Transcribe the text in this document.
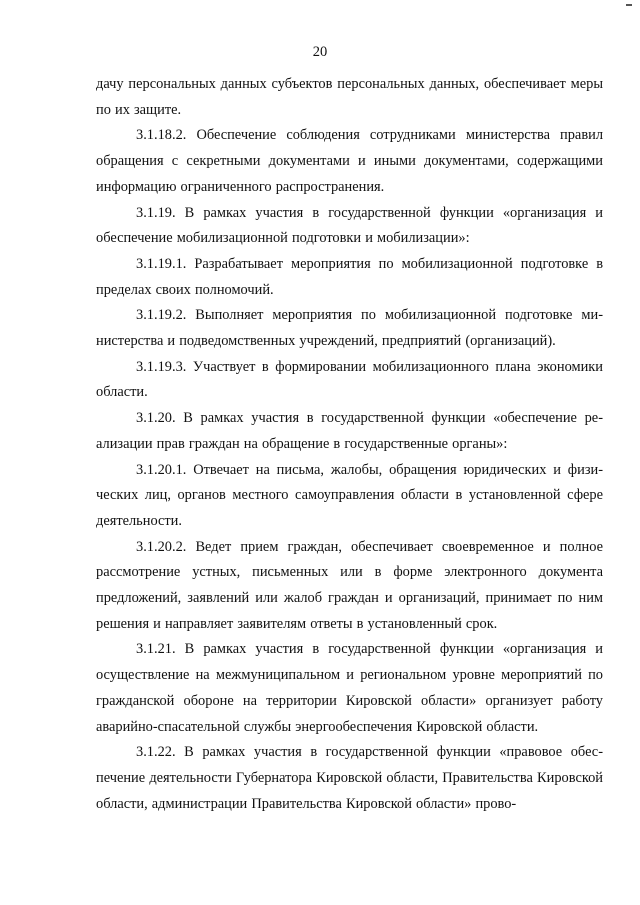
20

дачу персональных данных субъектов персональных данных, обеспечивает меры по их защите.

3.1.18.2. Обеспечение соблюдения сотрудниками министерства правил обращения с секретными документами и иными документами, содержащими информацию ограниченного распространения.

3.1.19. В рамках участия в государственной функции «организация и обеспечение мобилизационной подготовки и мобилизации»:

3.1.19.1. Разрабатывает мероприятия по мобилизационной подготовке в пределах своих полномочий.

3.1.19.2. Выполняет мероприятия по мобилизационной подготовке министерства и подведомственных учреждений, предприятий (организаций).

3.1.19.3. Участвует в формировании мобилизационного плана экономики области.

3.1.20. В рамках участия в государственной функции «обеспечение реализации прав граждан на обращение в государственные органы»:

3.1.20.1. Отвечает на письма, жалобы, обращения юридических и физических лиц, органов местного самоуправления области в установленной сфере деятельности.

3.1.20.2. Ведет прием граждан, обеспечивает своевременное и полное рассмотрение устных, письменных или в форме электронного документа предложений, заявлений или жалоб граждан и организаций, принимает по ним решения и направляет заявителям ответы в установленный срок.

3.1.21. В рамках участия в государственной функции «организация и осуществление на межмуниципальном и региональном уровне мероприятий по гражданской обороне на территории Кировской области» организует работу аварийно-спасательной службы энергообеспечения Кировской области.

3.1.22. В рамках участия в государственной функции «правовое обеспечение деятельности Губернатора Кировской области, Правительства Кировской области, администрации Правительства Кировской области» прово-
